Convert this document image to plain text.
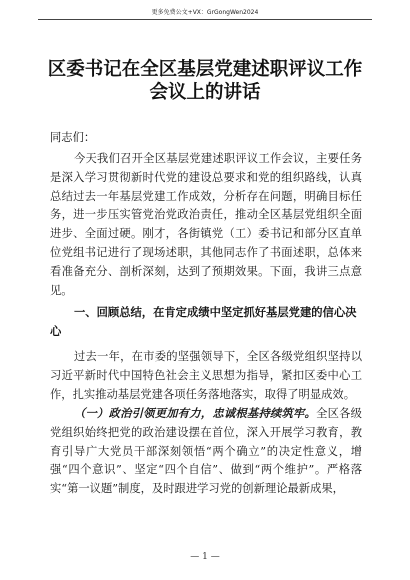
更多免费公文+VX：GrGongWen2024
区委书记在全区基层党建述职评议工作会议上的讲话
同志们：
今天我们召开全区基层党建述职评议工作会议，主要任务是深入学习贯彻新时代党的建设总要求和党的组织路线，认真总结过去一年基层党建工作成效，分析存在问题，明确目标任务，进一步压实管党治党政治责任，推动全区基层党组织全面进步、全面过硬。刚才，各街镇党（工）委书记和部分区直单位党组书记进行了现场述职，其他同志作了书面述职，总体来看准备充分、剖析深刻，达到了预期效果。下面，我讲三点意见。
一、回顾总结，在肯定成绩中坚定抓好基层党建的信心决心
过去一年，在市委的坚强领导下，全区各级党组织坚持以习近平新时代中国特色社会主义思想为指导，紧扣区委中心工作，扎实推动基层党建各项任务落地落实，取得了明显成效。
（一）政治引领更加有力，忠诚根基持续筑牢。全区各级党组织始终把党的政治建设摆在首位，深入开展学习教育，教育引导广大党员干部深刻领悟“两个确立”的决定性意义，增强“四个意识”、坚定“四个自信”、做到“两个维护”。严格落实“第一议题”制度，及时跟进学习党的创新理论最新成果，
— 1 —
